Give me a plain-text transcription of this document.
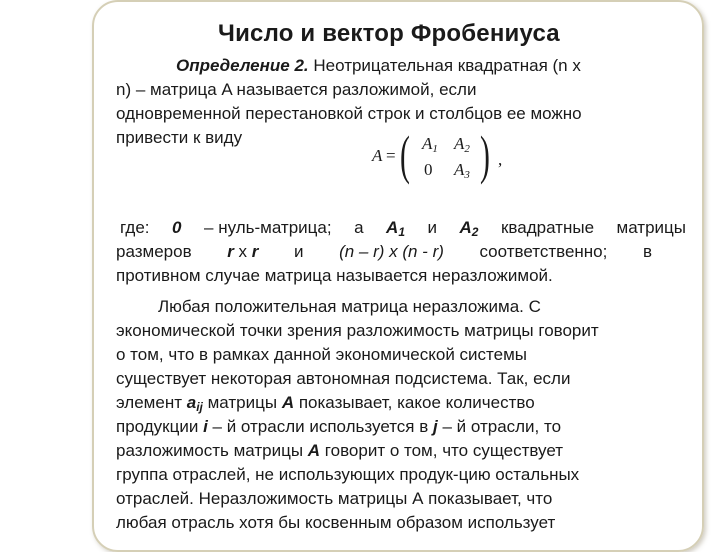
Число и вектор Фробениуса
Определение 2. Неотрицательная квадратная (n x
n) – матрица A называется разложимой, если
одновременной перестановкой строк и столбцов ее можно
привести к виду
A = ( $A_1$ $A_2$
0 $A_3$ ) ,
где: 0 – нуль-матрица; а $A_1$ и $A_2$ квадратные матрицы
размеров r x r и (n – r) x (n - r) соответственно; в
противном случае матрица называется неразложимой.
Любая положительная матрица неразложима. С
экономической точки зрения разложимость матрицы говорит
о том, что в рамках данной экономической системы
существует некоторая автономная подсистема. Так, если
элемент $a_{ij}$ матрицы A показывает, какое количество
продукции i – й отрасли используется в j – й отрасли, то
разложимость матрицы A говорит о том, что существует
группа отраслей, не использующих продук-цию остальных
отраслей. Неразложимость матрицы А показывает, что
любая отрасль хотя бы косвенным образом использует
